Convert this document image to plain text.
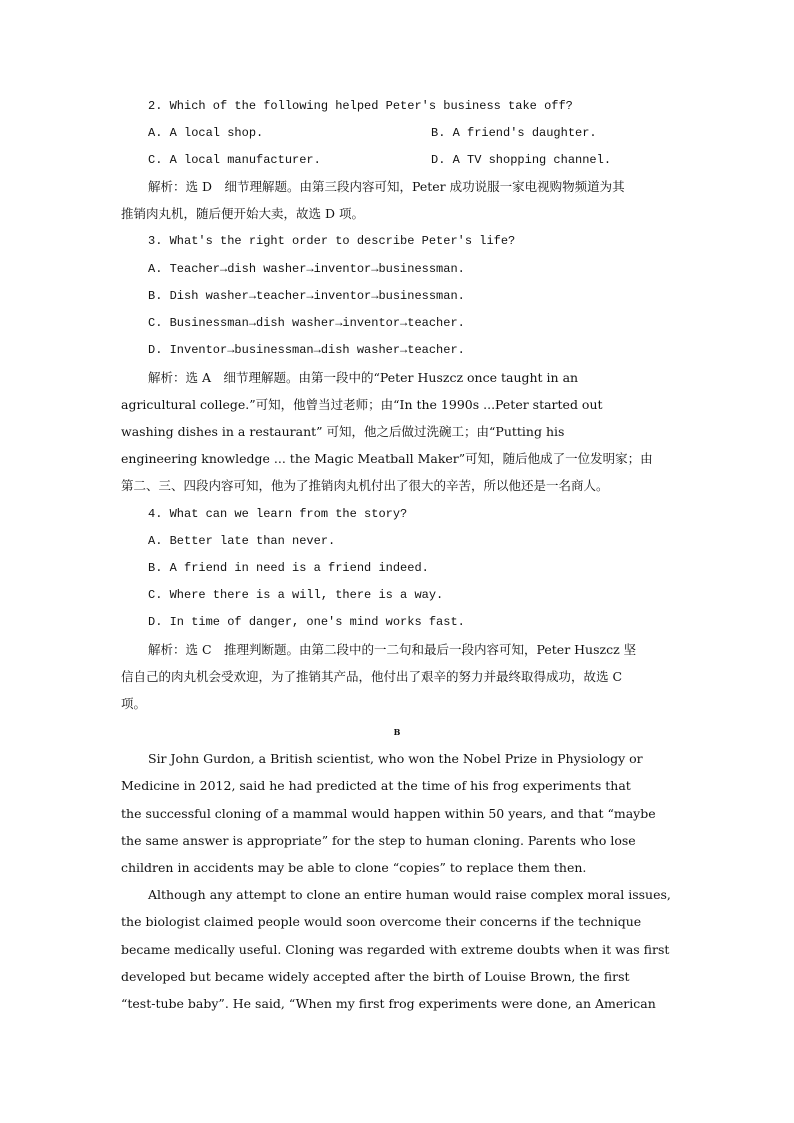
2. Which of the following helped Peter's business take off?
A. A local shop.	B. A friend's daughter.
C. A local manufacturer.	D. A TV shopping channel.
解析：选 D　细节理解题。由第三段内容可知，Peter 成功说服一家电视购物频道为其
推销肉丸机，随后便开始大卖，故选 D 项。
3. What's the right order to describe Peter's life?
A. Teacher→dish washer→inventor→businessman.
B. Dish washer→teacher→inventor→businessman.
C. Businessman→dish washer→inventor→teacher.
D. Inventor→businessman→dish washer→teacher.
解析：选 A　细节理解题。由第一段中的“Peter Huszcz once taught in an
agricultural college.”可知，他曾当过老师；由“In the 1990s ...Peter started out
washing dishes in a restaurant” 可知，他之后做过洗碗工；由“Putting his
engineering knowledge ... the Magic Meatball Maker”可知，随后他成了一位发明家；由
第二、三、四段内容可知，他为了推销肉丸机付出了很大的辛苦，所以他还是一名商人。
4. What can we learn from the story?
A. Better late than never.
B. A friend in need is a friend indeed.
C. Where there is a will, there is a way.
D. In time of danger, one's mind works fast.
解析：选 C　推理判断题。由第二段中的一二句和最后一段内容可知，Peter Huszcz 坚
信自己的肉丸机会受欢迎，为了推销其产品，他付出了艰辛的努力并最终取得成功，故选 C
项。
B
Sir John Gurdon, a British scientist, who won the Nobel Prize in Physiology or
Medicine in 2012, said he had predicted at the time of his frog experiments that
the successful cloning of a mammal would happen within 50 years, and that “maybe
the same answer is appropriate” for the step to human cloning. Parents who lose
children in accidents may be able to clone “copies” to replace them then.
Although any attempt to clone an entire human would raise complex moral issues,
the biologist claimed people would soon overcome their concerns if the technique
became medically useful. Cloning was regarded with extreme doubts when it was first
developed but became widely accepted after the birth of Louise Brown, the first
“test-tube baby”. He said, “When my first frog experiments were done, an American
